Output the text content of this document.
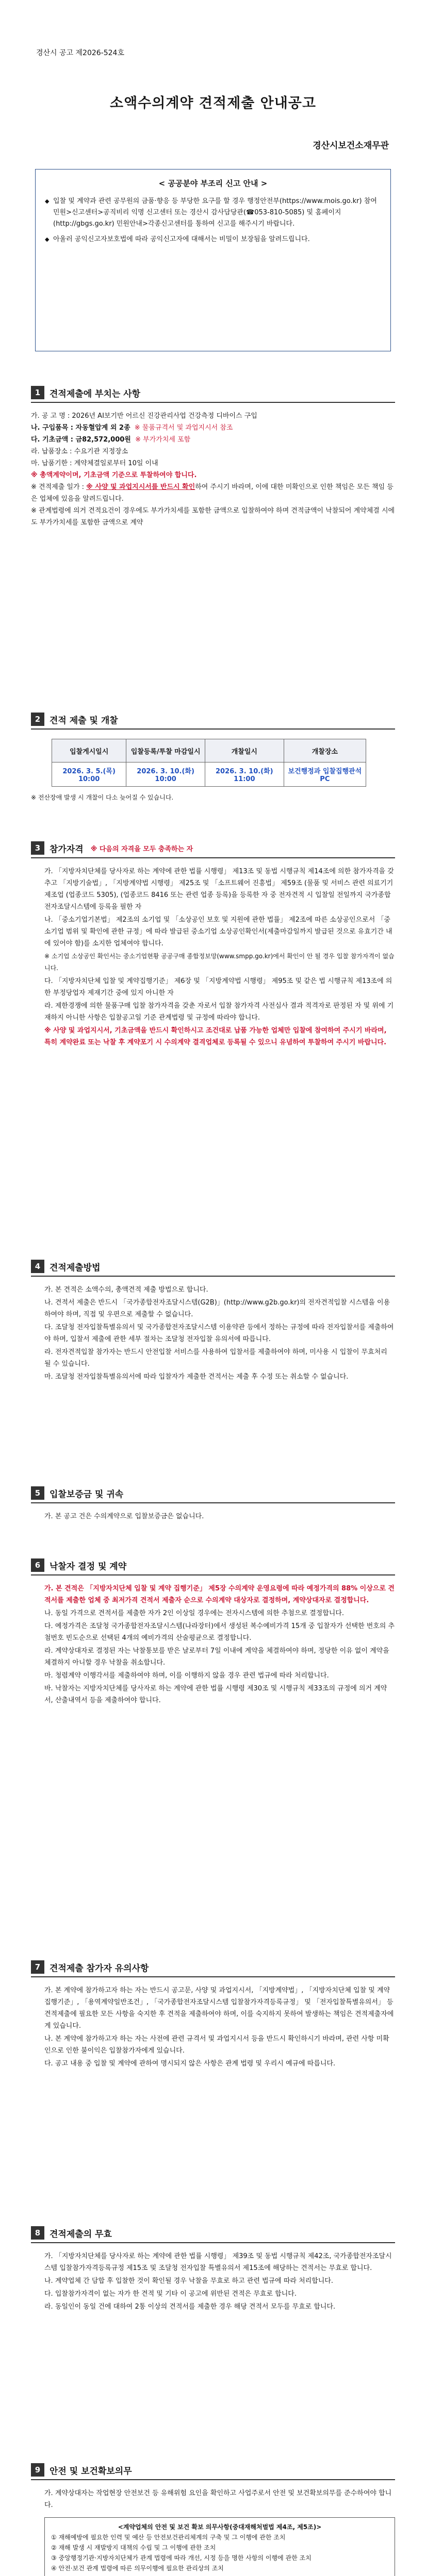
경산시 공고 제2026-524호
소액수의계약 견적제출 안내공고
경산시보건소재무관
< 공공분야 부조리 신고 안내 >
◆ 입찰 및 계약과 관련 공무원의 금품·향응 등 부당한 요구를 할 경우 행정안전부(https://www.mois.go.kr) 참여민원>신고센터>공직비리 익명 신고센터 또는 경산시 감사담당관(☎053-810-5085) 및 홈페이지(http://gbgs.go.kr) 민원안내>각종신고센터를 통하여 신고를 해주시기 바랍니다.
◆ 아울러 공익신고자보호법에 따라 공익신고자에 대해서는 비밀이 보장됨을 알려드립니다.
1	견적제출에 부치는 사항
가. 공 고 명 : 2026년 AI보기반 어르신 진강관리사업 건강측정 디바이스 구입
나. 구입품목 : 자동혈압계 외 2종 ※ 물품규격서 및 과업지시서 참조
다. 기초금액 : 금82,572,000원 ※ 부가가치세 포함
라. 납품장소 : 수요기관 지정장소
마. 납품기한 : 계약체결일로부터 10일 이내
※ 총액계약이며, 기초금액 기준으로 투찰하여야 합니다.
※ 견적제출 일가 : ※ 사양 및 과업지시서를 반드시 확인하여 주시기 바라며, 이에 대한 미확인으로 인한 책임은 모든 책임 등은 업체에 있음을 알려드립니다.
※ 관계법령에 의거 견적요건이 경우에도 부가가치세를 포함한 금액으로 입찰하여야 하며 견적금액이 낙찰되어 계약체결 시에도 부가가치세를 포함한 금액으로 계약
2	견적 제출 및 개찰
입찰게시일시	입찰등록/투찰 마감일시	개찰일시	개찰장소
2026. 3. 5.(목) 10:00	2026. 3. 10.(화) 10:00	2026. 3. 10.(화) 11:00	보건행정과 입찰집행관석 PC
※ 전산장애 발생 시 개찰이 다소 늦어질 수 있습니다.
3	참가자격 ※ 다음의 자격을 모두 충족하는 자
가. 「지방자치단체를 당사자로 하는 계약에 관한 법률 시행령」 제13조 및 동법 시행규칙 제14조에 의한 참가자격을 갖추고 「지방기술법」, 「지방계약법 시행령」 제25조 및 「소프트웨어 진흥법」 제59조 (물품 및 서비스 관련 의료기기제조업 (업종코드 5305), (업종코드 8416 또는 관련 업종 등록)을 등록한 자 중 전자견적 시 입찰일 전일까지 국가종합전자조달시스템에 등록을 필한 자
나. 「중소기업기본법」 제2조의 소기업 및 「소상공인 보호 및 지원에 관한 법률」 제2조에 따른 소상공인으로서 「중소기업 범위 및 확인에 관한 규정」에 따라 발급된 중소기업 소상공인확인서(제출마감일까지 발급된 것으로 유효기간 내에 있어야 함)를 소지한 업체여야 합니다.
※ 소기업 소상공인 확인서는 중소기업현황 공공구매 종합정보망(www.smpp.go.kr)에서 확인이 안 될 경우 입찰 참가자격이 없습니다.
다. 「지방자치단체 입찰 및 계약집행기준」 제6장 및 「지방계약법 시행령」 제95조 및 같은 법 시행규칙 제13조에 의한 부정당업자 제재기간 중에 있지 아니한 자
라. 제한경쟁에 의한 물품구매 입찰 참가자격을 갖춘 자로서 입찰 참가자격 사전심사 결과 적격자로 판정된 자 및 위에 기재하지 아니한 사항은 입찰공고일 기준 관계법령 및 규정에 따라야 합니다.
※ 사양 및 과업지시서, 기초금액을 반드시 확인하시고 조건대로 납품 가능한 업체만 입찰에 참여하여 주시기 바라며, 특히 계약완료 또는 낙찰 후 계약포기 시 수의계약 결격업체로 등록될 수 있으니 유념하여 투찰하여 주시기 바랍니다.
4	견적제출방법
가. 본 견적은 소액수의, 총액견적 제출 방법으로 합니다.
나. 견적서 제출은 반드시 「국가종합전자조달시스템(G2B)」(http://www.g2b.go.kr)의 전자견적입찰 시스템을 이용하여야 하며, 직접 및 우편으로 제출할 수 없습니다.
다. 조달청 전자입찰특별유의서 및 국가종합전자조달시스템 이용약관 등에서 정하는 규정에 따라 전자입찰서를 제출하여야 하며, 입찰서 제출에 관한 세부 절차는 조달청 전자입찰 유의서에 따릅니다.
라. 전자견적입찰 참가자는 반드시 안전입찰 서비스를 사용하여 입찰서를 제출하여야 하며, 미사용 시 입찰이 무효처리 될 수 있습니다.
마. 조달청 전자입찰특별유의서에 따라 입찰자가 제출한 견적서는 제출 후 수정 또는 취소할 수 없습니다.
5	입찰보증금 및 귀속
가. 본 공고 건은 수의계약으로 입찰보증금은 없습니다.
6	낙찰자 결정 및 계약
가. 본 견적은 「지방자치단체 입찰 및 계약 집행기준」 제5장 수의계약 운영요령에 따라 예정가격의 88% 이상으로 견적서를 제출한 업체 중 최저가격 견적서 제출자 순으로 수의계약 대상자로 결정하며, 계약상대자로 결정합니다.
나. 동일 가격으로 견적서를 제출한 자가 2인 이상일 경우에는 전자시스템에 의한 추첨으로 결정합니다.
다. 예정가격은 조달청 국가종합전자조달시스템(나라장터)에서 생성된 복수예비가격 15개 중 입찰자가 선택한 번호의 추첨번호 빈도순으로 선택된 4개의 예비가격의 산술평균으로 결정합니다.
라. 계약상대자로 결정된 자는 낙찰통보를 받은 날로부터 7일 이내에 계약을 체결하여야 하며, 정당한 이유 없이 계약을 체결하지 아니할 경우 낙찰을 취소합니다.
마. 청렴계약 이행각서를 제출하여야 하며, 이를 이행하지 않을 경우 관련 법규에 따라 처리합니다.
바. 낙찰자는 지방자치단체를 당사자로 하는 계약에 관한 법률 시행령 제30조 및 시행규칙 제33조의 규정에 의거 계약서, 산출내역서 등을 제출하여야 합니다.
7	견적제출 참가자 유의사항
가. 본 계약에 참가하고자 하는 자는 반드시 공고문, 사양 및 과업지시서, 「지방계약법」, 「지방자치단체 입찰 및 계약 집행기준」, 「용역계약일반조건」, 「국가종합전자조달시스템 입찰참가자격등록규정」 및 「전자입찰특별유의서」 등 견적제출에 필요한 모든 사항을 숙지한 후 견적을 제출하여야 하며, 이를 숙지하지 못하여 발생하는 책임은 견적제출자에게 있습니다.
나. 본 계약에 참가하고자 하는 자는 사전에 관련 규격서 및 과업지시서 등을 반드시 확인하시기 바라며, 관련 사항 미확인으로 인한 불이익은 입찰참가자에게 있습니다.
다. 공고 내용 중 입찰 및 계약에 관하여 명시되지 않은 사항은 관계 법령 및 우리시 예규에 따릅니다.
8	견적제출의 무효
가. 「지방자치단체를 당사자로 하는 계약에 관한 법률 시행령」 제39조 및 동법 시행규칙 제42조, 국가종합전자조달시스템 입찰참가자격등록규정 제15조 및 조달청 전자입찰 특별유의서 제15조에 해당하는 견적서는 무효로 합니다.
나. 계약업체 간 담합 후 입찰한 것이 확인될 경우 낙찰을 무효로 하고 관련 법규에 따라 처리합니다.
다. 입찰참가자격이 없는 자가 한 견적 및 기타 이 공고에 위반된 견적은 무효로 합니다.
라. 동일인이 동일 건에 대하여 2통 이상의 견적서를 제출한 경우 해당 견적서 모두를 무효로 합니다.
9	안전 및 보건확보의무
가. 계약상대자는 작업현장 안전보건 등 유해위험 요인을 확인하고 사업주로서 안전 및 보건확보의무를 준수하여야 합니다.
<계약업체의 안전 및 보건 확보 의무사항(중대재해처벌법 제4조, 제5조)>
① 재해예방에 필요한 인력 및 예산 등 안전보건관리체계의 구축 및 그 이행에 관한 조치
② 재해 발생 시 재발방지 대책의 수립 및 그 이행에 관한 조치
③ 중앙행정기관·지방자치단체가 관계 법령에 따라 개선, 시정 등을 명한 사항의 이행에 관한 조치
④ 안전·보건 관계 법령에 따른 의무이행에 필요한 관리상의 조치
